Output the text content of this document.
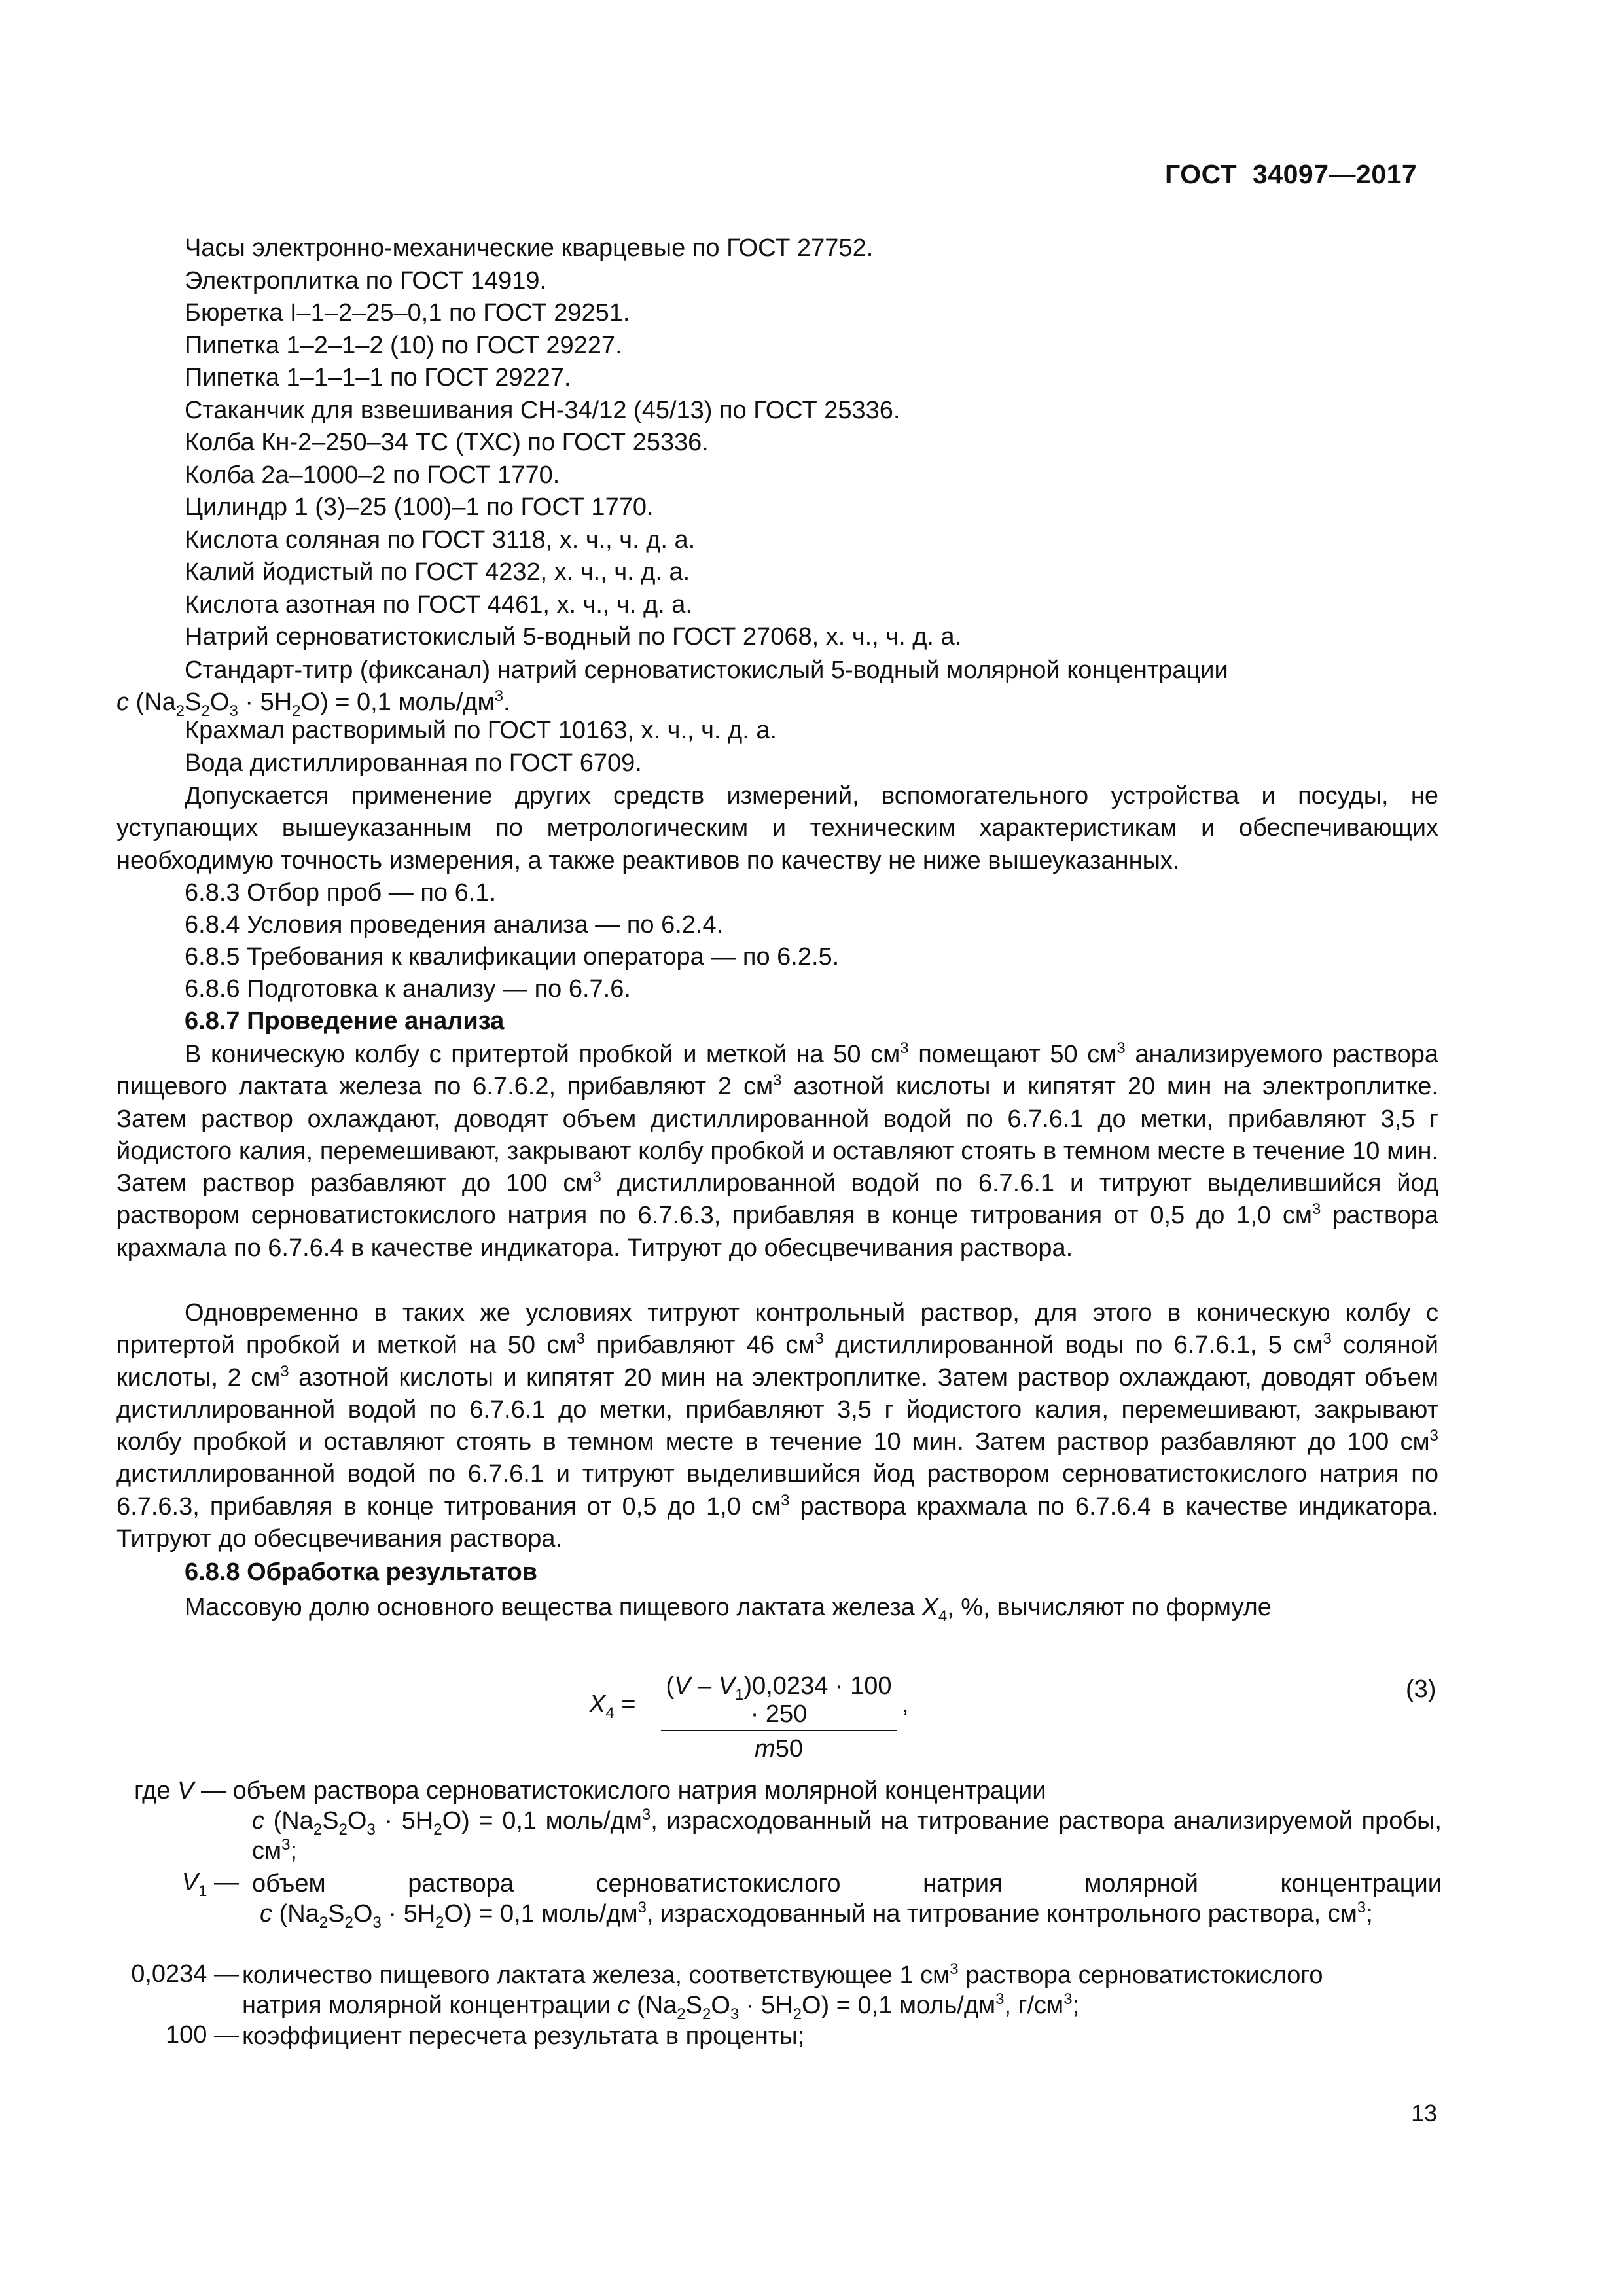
ГОСТ  34097—2017
Часы электронно-механические кварцевые по ГОСТ 27752.
Электроплитка по ГОСТ 14919.
Бюретка I–1–2–25–0,1 по ГОСТ 29251.
Пипетка 1–2–1–2 (10) по ГОСТ 29227.
Пипетка 1–1–1–1 по ГОСТ 29227.
Стаканчик для взвешивания СН-34/12 (45/13) по ГОСТ 25336.
Колба Кн-2–250–34 ТС (ТХС) по ГОСТ 25336.
Колба 2а–1000–2 по ГОСТ 1770.
Цилиндр 1 (3)–25 (100)–1 по ГОСТ 1770.
Кислота соляная по ГОСТ 3118, х. ч., ч. д. а.
Калий йодистый по ГОСТ 4232, х. ч., ч. д. а.
Кислота азотная по ГОСТ 4461, х. ч., ч. д. а.
Натрий серноватистокислый 5-водный по ГОСТ 27068, х. ч., ч. д. а.
Стандарт-титр (фиксанал) натрий серноватистокислый 5-водный молярной концентрации
c $(Na_2S_2O_3 \cdot 5H_2O) = 0,1$ моль/$дм^3$.
Крахмал растворимый по ГОСТ 10163, х. ч., ч. д. а.
Вода дистиллированная по ГОСТ 6709.
Допускается применение других средств измерений, вспомогательного устройства и посуды, не уступающих вышеуказанным по метрологическим и техническим характеристикам и обеспечивающих необходимую точность измерения, а также реактивов по качеству не ниже вышеуказанных.
6.8.3 Отбор проб — по 6.1.
6.8.4 Условия проведения анализа — по 6.2.4.
6.8.5 Требования к квалификации оператора — по 6.2.5.
6.8.6 Подготовка к анализу — по 6.7.6.
6.8.7 Проведение анализа
В коническую колбу с притертой пробкой и меткой на 50 $см^3$ помещают 50 $см^3$ анализируемого раствора пищевого лактата железа по 6.7.6.2, прибавляют 2 $см^3$ азотной кислоты и кипятят 20 мин на электроплитке. Затем раствор охлаждают, доводят объем дистиллированной водой по 6.7.6.1 до метки, прибавляют 3,5 г йодистого калия, перемешивают, закрывают колбу пробкой и оставляют стоять в темном месте в течение 10 мин. Затем раствор разбавляют до 100 $см^3$ дистиллированной водой по 6.7.6.1 и титруют выделившийся йод раствором серноватистокислого натрия по 6.7.6.3, прибавляя в конце титрования от 0,5 до 1,0 $см^3$ раствора крахмала по 6.7.6.4 в качестве индикатора. Титруют до обесцвечивания раствора.
Одновременно в таких же условиях титруют контрольный раствор, для этого в коническую колбу с притертой пробкой и меткой на 50 $см^3$ прибавляют 46 $см^3$ дистиллированной воды по 6.7.6.1, 5 $см^3$ соляной кислоты, 2 $см^3$ азотной кислоты и кипятят 20 мин на электроплитке. Затем раствор охлаждают, доводят объем дистиллированной водой по 6.7.6.1 до метки, прибавляют 3,5 г йодистого калия, перемешивают, закрывают колбу пробкой и оставляют стоять в темном месте в течение 10 мин. Затем раствор разбавляют до 100 $см^3$ дистиллированной водой по 6.7.6.1 и титруют выделившийся йод раствором серноватистокислого натрия по 6.7.6.3, прибавляя в конце титрования от 0,5 до 1,0 $см^3$ раствора крахмала по 6.7.6.4 в качестве индикатора. Титруют до обесцвечивания раствора.
6.8.8 Обработка результатов
Массовую долю основного вещества пищевого лактата железа $X_4$, %, вычисляют по формуле
$X_4 = \frac{(V - V_1)0,0234 \cdot 100 \cdot 250}{m50}$ ,
(3)
где V — объем раствора серноватистокислого натрия молярной концентрации
c $(Na_2S_2O_3 \cdot 5H_2O) = 0,1$ моль/$дм^3$, израсходованный на титрование раствора анализируемой пробы, $см^3$;
$V_1$ — объем раствора серноватистокислого натрия молярной концентрации
c $(Na_2S_2O_3 \cdot 5H_2O) = 0,1$ моль/$дм^3$, израсходованный на титрование контрольного раствора, $см^3$;
0,0234 — количество пищевого лактата железа, соответствующее 1 $см^3$ раствора серноватистокислого
натрия молярной концентрации c $(Na_2S_2O_3 \cdot 5H_2O) = 0,1$ моль/$дм^3$, $г/см^3$;
100 — коэффициент пересчета результата в проценты;
13
